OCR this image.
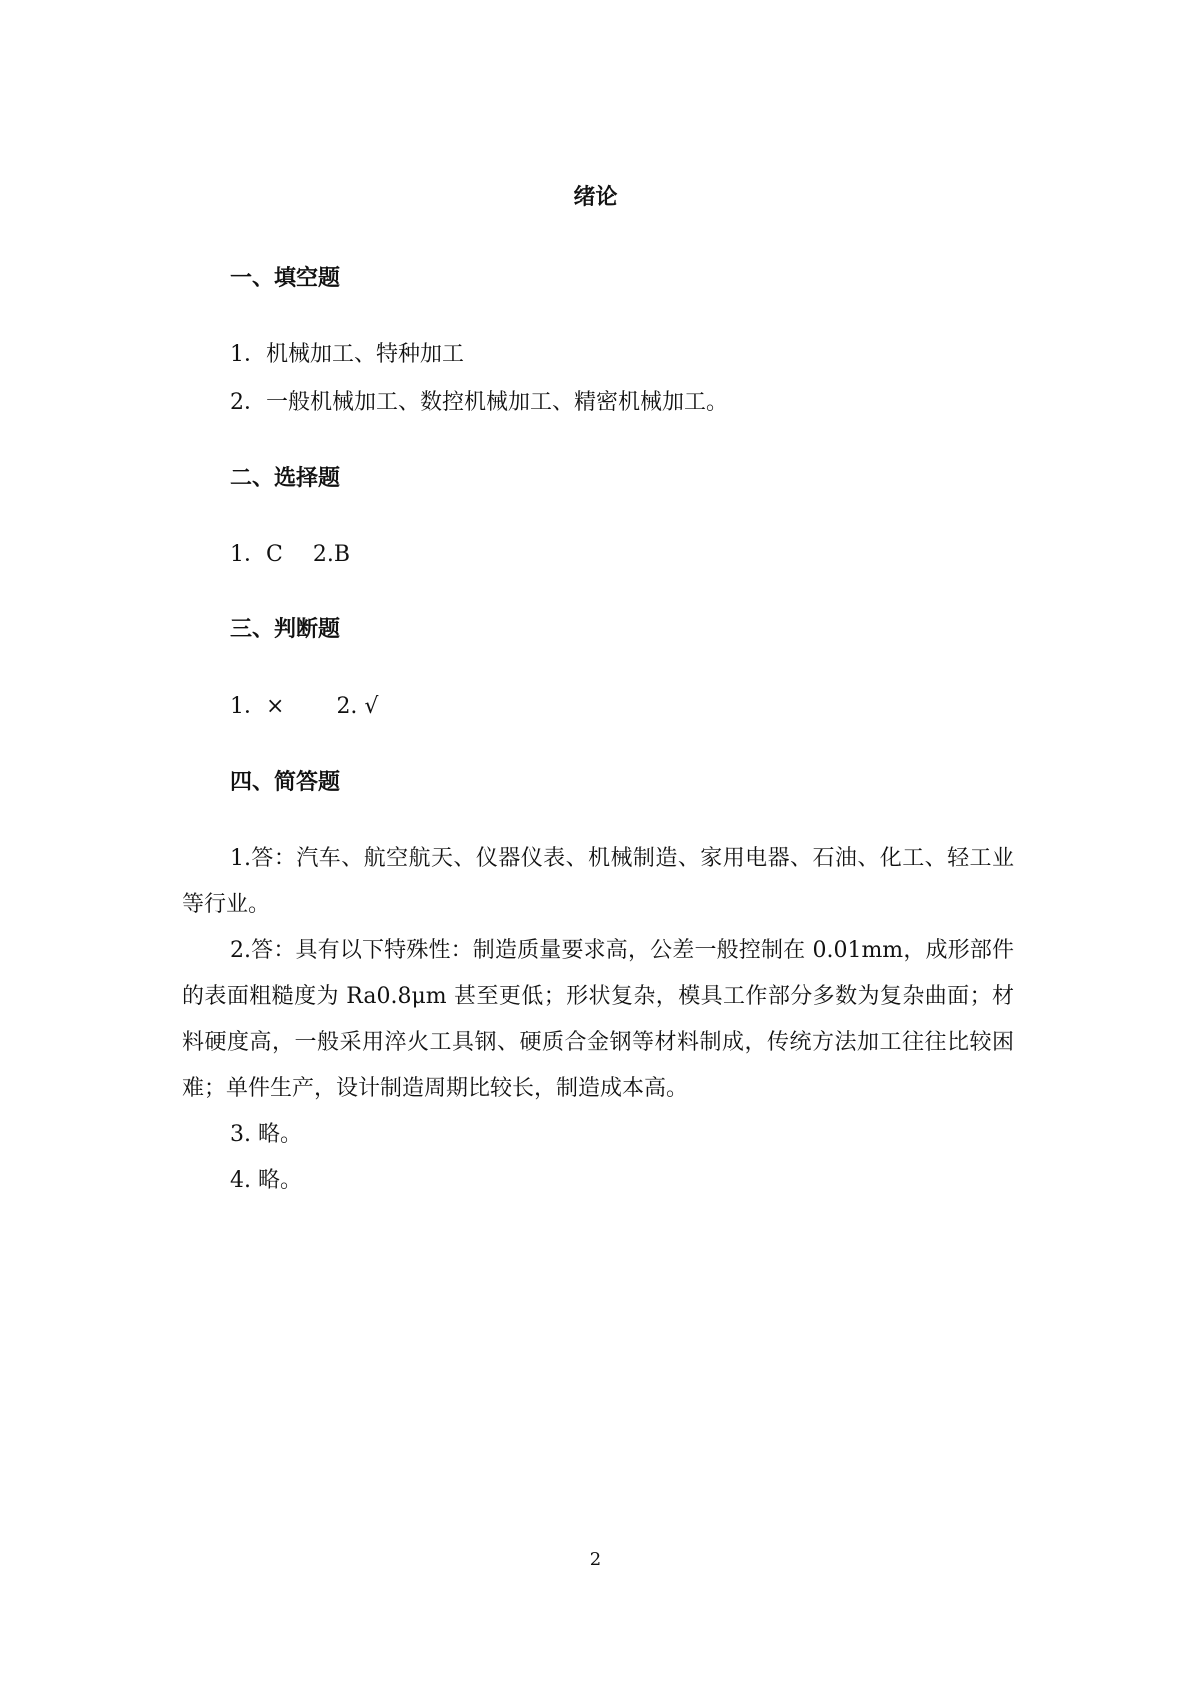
绪论
一、填空题
1．机械加工、特种加工
2．一般机械加工、数控机械加工、精密机械加工。
二、选择题
1．C 2.B
三、判断题
1．× 2. √
四、简答题

1.答：汽车、航空航天、仪器仪表、机械制造、家用电器、石油、化工、轻工业等行业。

2.答：具有以下特殊性：制造质量要求高，公差一般控制在 0.01mm，成形部件的表面粗糙度为 Ra0.8μm 甚至更低；形状复杂，模具工作部分多数为复杂曲面；材料硬度高，一般采用淬火工具钢、硬质合金钢等材料制成，传统方法加工往往比较困难；单件生产，设计制造周期比较长，制造成本高。

3. 略。

4. 略。

2
